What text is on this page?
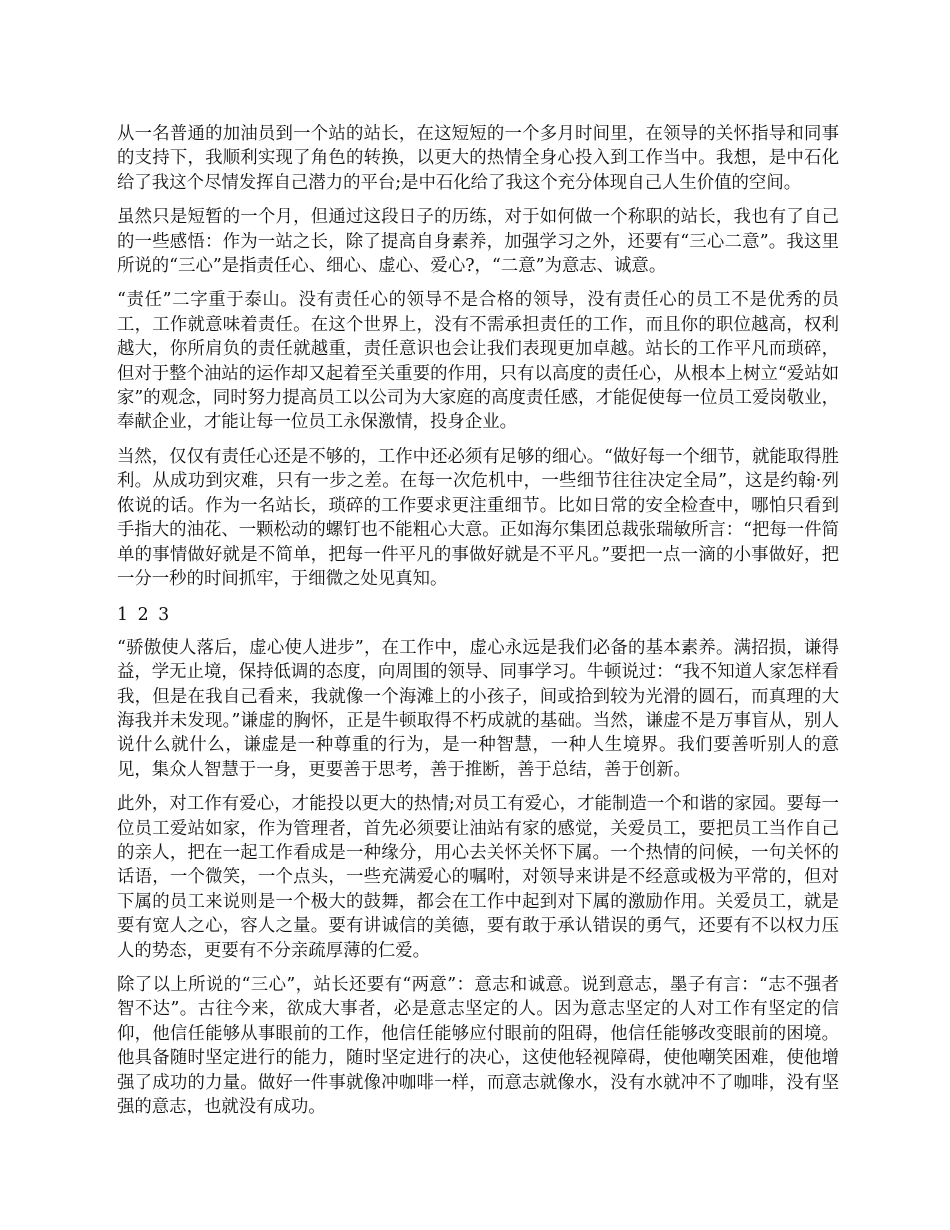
从一名普通的加油员到一个站的站长，在这短短的一个多月时间里，在领导的关怀指导和同事的支持下，我顺利实现了角色的转换，以更大的热情全身心投入到工作当中。我想，是中石化给了我这个尽情发挥自己潜力的平台;是中石化给了我这个充分体现自己人生价值的空间。

虽然只是短暂的一个月，但通过这段日子的历练，对于如何做一个称职的站长，我也有了自己的一些感悟：作为一站之长，除了提高自身素养，加强学习之外，还要有“三心二意”。我这里所说的“三心”是指责任心、细心、虚心、爱心?，“二意”为意志、诚意。

“责任”二字重于泰山。没有责任心的领导不是合格的领导，没有责任心的员工不是优秀的员工，工作就意味着责任。在这个世界上，没有不需承担责任的工作，而且你的职位越高，权利越大，你所肩负的责任就越重，责任意识也会让我们表现更加卓越。站长的工作平凡而琐碎，但对于整个油站的运作却又起着至关重要的作用，只有以高度的责任心，从根本上树立“爱站如家”的观念，同时努力提高员工以公司为大家庭的高度责任感，才能促使每一位员工爱岗敬业，奉献企业，才能让每一位员工永保激情，投身企业。

当然，仅仅有责任心还是不够的，工作中还必须有足够的细心。“做好每一个细节，就能取得胜利。从成功到灾难，只有一步之差。在每一次危机中，一些细节往往决定全局”，这是约翰·列侬说的话。作为一名站长，琐碎的工作要求更注重细节。比如日常的安全检查中，哪怕只看到手指大的油花、一颗松动的螺钉也不能粗心大意。正如海尔集团总裁张瑞敏所言：“把每一件简单的事情做好就是不简单，把每一件平凡的事做好就是不平凡。”要把一点一滴的小事做好，把一分一秒的时间抓牢，于细微之处见真知。

1 2 3

“骄傲使人落后，虚心使人进步”，在工作中，虚心永远是我们必备的基本素养。满招损，谦得益，学无止境，保持低调的态度，向周围的领导、同事学习。牛顿说过：“我不知道人家怎样看我，但是在我自己看来，我就像一个海滩上的小孩子，间或拾到较为光滑的圆石，而真理的大海我并未发现。”谦虚的胸怀，正是牛顿取得不朽成就的基础。当然，谦虚不是万事盲从，别人说什么就什么，谦虚是一种尊重的行为，是一种智慧，一种人生境界。我们要善听别人的意见，集众人智慧于一身，更要善于思考，善于推断，善于总结，善于创新。

此外，对工作有爱心，才能投以更大的热情;对员工有爱心，才能制造一个和谐的家园。要每一位员工爱站如家，作为管理者，首先必须要让油站有家的感觉，关爱员工，要把员工当作自己的亲人，把在一起工作看成是一种缘分，用心去关怀关怀下属。一个热情的问候，一句关怀的话语，一个微笑，一个点头，一些充满爱心的嘱咐，对领导来讲是不经意或极为平常的，但对下属的员工来说则是一个极大的鼓舞，都会在工作中起到对下属的激励作用。关爱员工，就是要有宽人之心，容人之量。要有讲诚信的美德，要有敢于承认错误的勇气，还要有不以权力压人的势态，更要有不分亲疏厚薄的仁爱。

除了以上所说的“三心”，站长还要有“两意”：意志和诚意。说到意志，墨子有言：“志不强者智不达”。古往今来，欲成大事者，必是意志坚定的人。因为意志坚定的人对工作有坚定的信仰，他信任能够从事眼前的工作，他信任能够应付眼前的阻碍，他信任能够改变眼前的困境。他具备随时坚定进行的能力，随时坚定进行的决心，这使他轻视障碍，使他嘲笑困难，使他增强了成功的力量。做好一件事就像冲咖啡一样，而意志就像水，没有水就冲不了咖啡，没有坚强的意志，也就没有成功。
